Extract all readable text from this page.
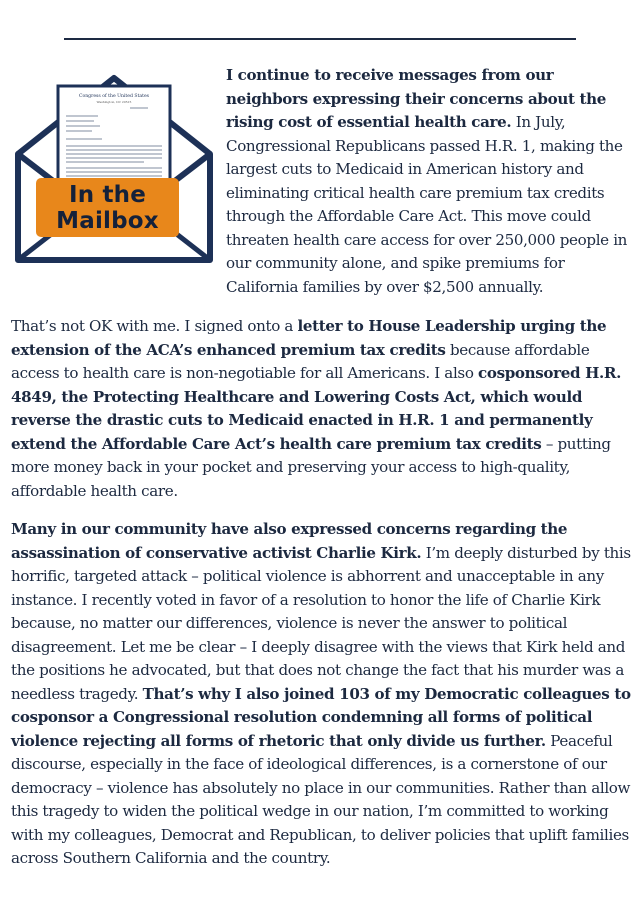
Congress of the United States
Washington, DC 20515
In the
Mailbox
I continue to receive messages from our neighbors expressing their concerns about the rising cost of essential health care. In July, Congressional Republicans passed H.R. 1, making the largest cuts to Medicaid in American history and eliminating critical health care premium tax credits through the Affordable Care Act. This move could threaten health care access for over 250,000 people in our community alone, and spike premiums for California families by over $2,500 annually.
That’s not OK with me. I signed onto a letter to House Leadership urging the extension of the ACA’s enhanced premium tax credits because affordable access to health care is non-negotiable for all Americans. I also cosponsored H.R. 4849, the Protecting Healthcare and Lowering Costs Act, which would reverse the drastic cuts to Medicaid enacted in H.R. 1 and permanently extend the Affordable Care Act’s health care premium tax credits – putting more money back in your pocket and preserving your access to high-quality, affordable health care.
Many in our community have also expressed concerns regarding the assassination of conservative activist Charlie Kirk. I’m deeply disturbed by this horrific, targeted attack – political violence is abhorrent and unacceptable in any instance. I recently voted in favor of a resolution to honor the life of Charlie Kirk because, no matter our differences, violence is never the answer to political disagreement. Let me be clear – I deeply disagree with the views that Kirk held and the positions he advocated, but that does not change the fact that his murder was a needless tragedy. That’s why I also joined 103 of my Democratic colleagues to cosponsor a Congressional resolution condemning all forms of political violence rejecting all forms of rhetoric that only divide us further. Peaceful discourse, especially in the face of ideological differences, is a cornerstone of our democracy – violence has absolutely no place in our communities. Rather than allow this tragedy to widen the political wedge in our nation, I’m committed to working with my colleagues, Democrat and Republican, to deliver policies that uplift families across Southern California and the country.
